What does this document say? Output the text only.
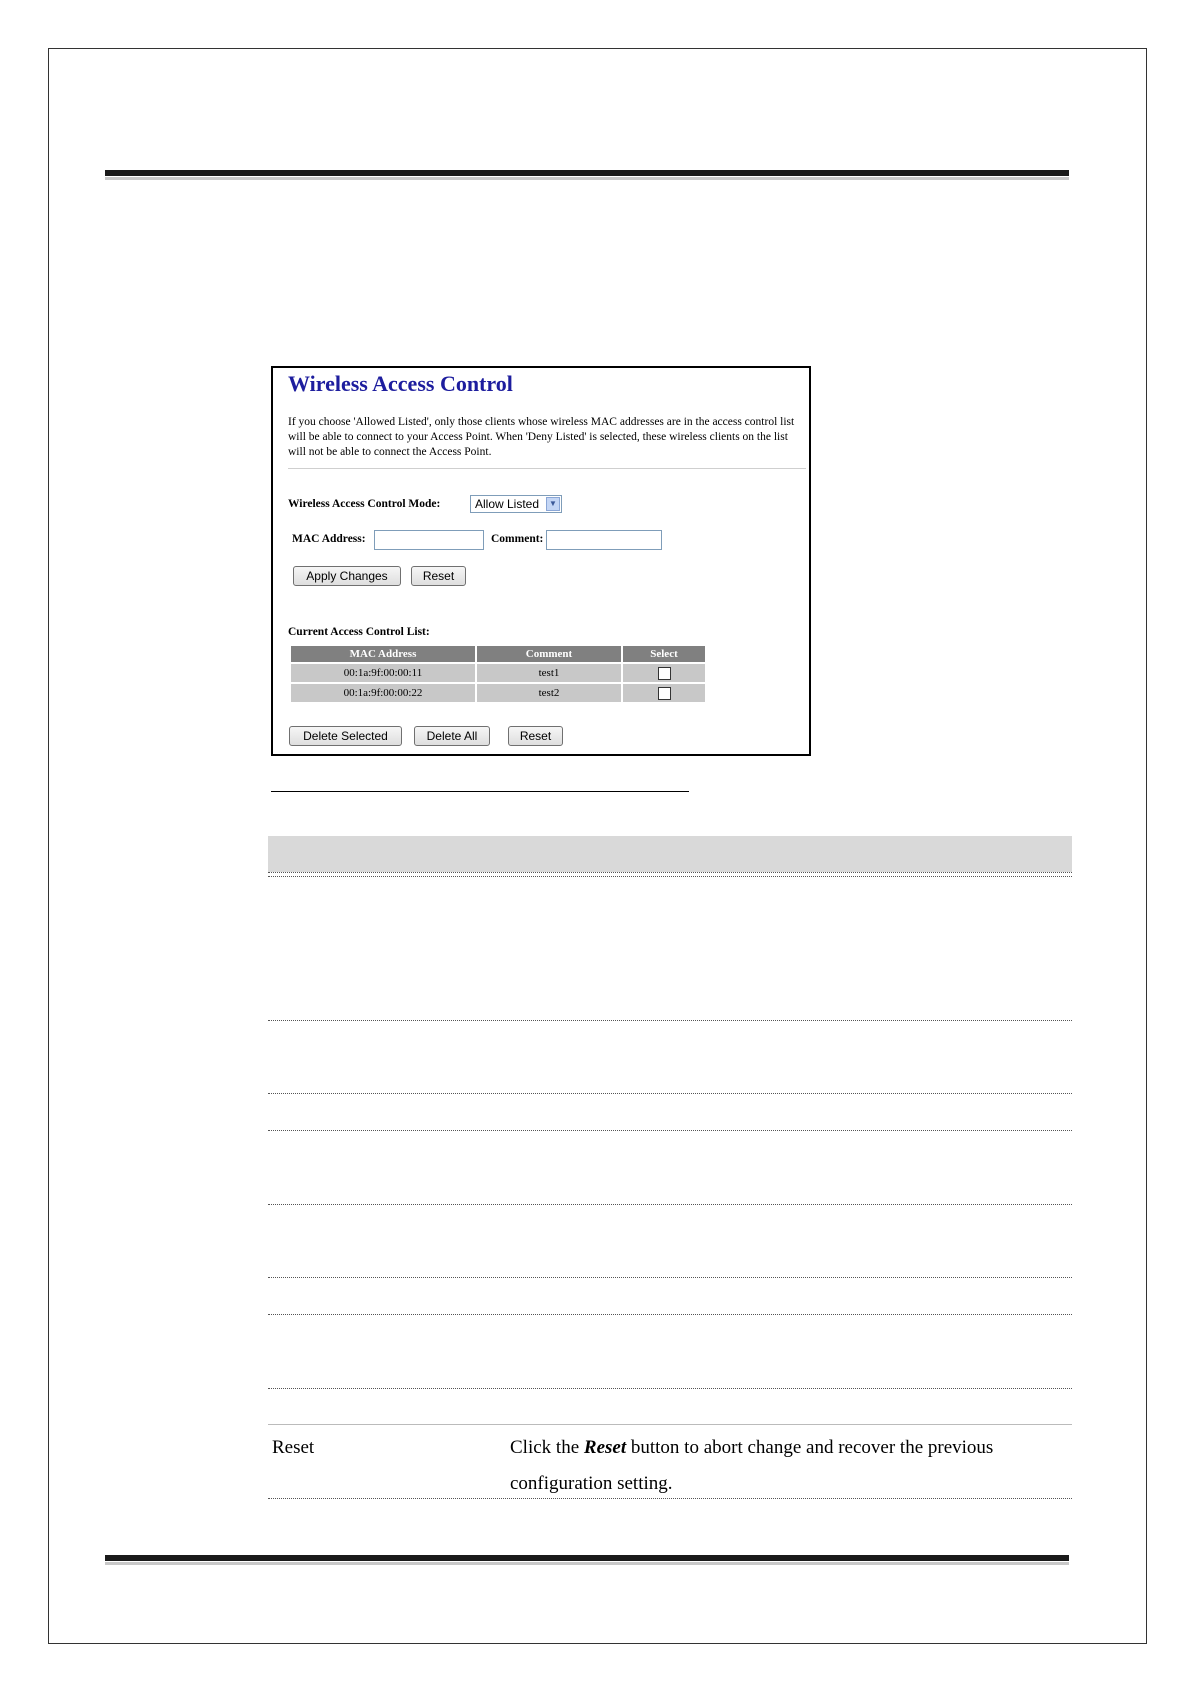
Wireless Access Control

If you choose 'Allowed Listed', only those clients whose wireless MAC addresses are in the access control list will be able to connect to your Access Point. When 'Deny Listed' is selected, these wireless clients on the list will not be able to connect the Access Point.

Wireless Access Control Mode:	Allow Listed	▼
MAC Address:	Comment:
Apply Changes	Reset
Current Access Control List:
MAC Address	Comment	Select
00:1a:9f:00:00:11	test1	
00:1a:9f:00:00:22	test2	
Delete Selected	Delete All	Reset
Reset	Click the Reset button to abort change and recover the previous configuration setting.
